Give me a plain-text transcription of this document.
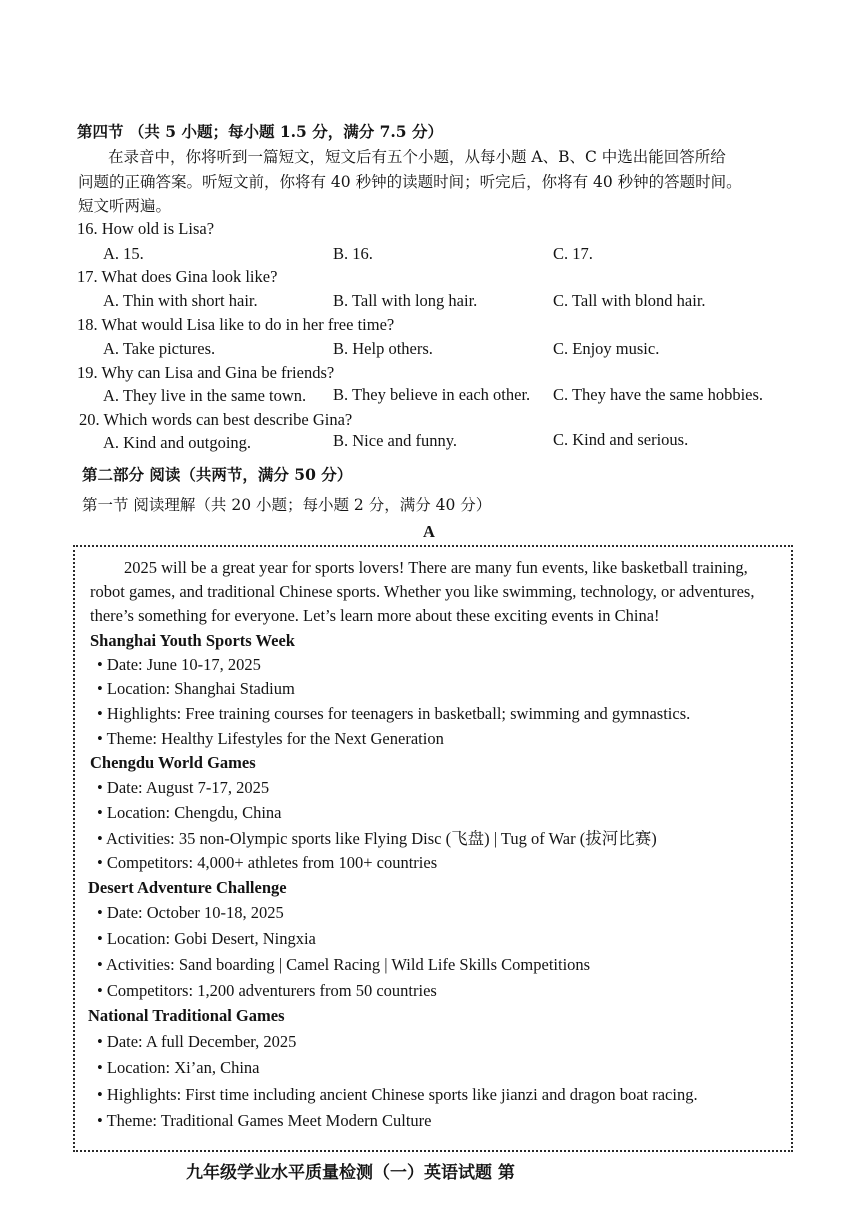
第四节 （共 5 小题；每小题 1.5 分，满分 7.5 分）
在录音中，你将听到一篇短文，短文后有五个小题，从每小题 A、B、C 中选出能回答所给
问题的正确答案。听短文前，你将有 40 秒钟的读题时间；听完后，你将有 40 秒钟的答题时间。
短文听两遍。
16. How old is Lisa?
A. 15.	B. 16.	C. 17.
17. What does Gina look like?
A. Thin with short hair.	B. Tall with long hair.	C. Tall with blond hair.
18. What would Lisa like to do in her free time?
A. Take pictures.	B. Help others.	C. Enjoy music.
19. Why can Lisa and Gina be friends?
A. They live in the same town. B. They believe in each other. C. They have the same hobbies.
20. Which words can best describe Gina?
A. Kind and outgoing.	B. Nice and funny.	C. Kind and serious.
第二部分 阅读（共两节，满分 50 分）
第一节 阅读理解（共 20 小题；每小题 2 分，满分 40 分）
A
2025 will be a great year for sports lovers! There are many fun events, like basketball training,
robot games, and traditional Chinese sports. Whether you like swimming, technology, or adventures,
there’s something for everyone. Let’s learn more about these exciting events in China!
Shanghai Youth Sports Week
• Date: June 10-17, 2025
• Location: Shanghai Stadium
• Highlights: Free training courses for teenagers in basketball; swimming and gymnastics.
• Theme: Healthy Lifestyles for the Next Generation
Chengdu World Games
• Date: August 7-17, 2025
• Location: Chengdu, China
• Activities: 35 non-Olympic sports like Flying Disc (飞盘) | Tug of War (拔河比赛)
• Competitors: 4,000+ athletes from 100+ countries
Desert Adventure Challenge
• Date: October 10-18, 2025
• Location: Gobi Desert, Ningxia
• Activities: Sand boarding | Camel Racing | Wild Life Skills Competitions
• Competitors: 1,200 adventurers from 50 countries
National Traditional Games
• Date: A full December, 2025
• Location: Xi’an, China
• Highlights: First time including ancient Chinese sports like jianzi and dragon boat racing.
• Theme: Traditional Games Meet Modern Culture
九年级学业水平质量检测（一）英语试题 第
